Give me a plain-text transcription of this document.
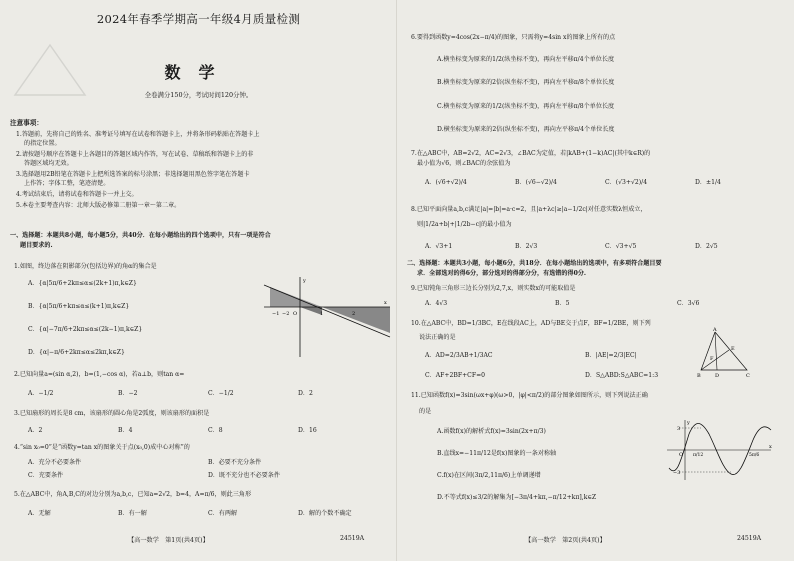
2024年春季学期高一年级4月质量检测
数学
全卷满分150分，考试时间120分钟。
注意事项：
1.答题前，先将自己的姓名、准考证号填写在试卷和答题卡上，并将条形码粘贴在答题卡上
的指定位置。
2.请按题号顺序在答题卡上各题目的答题区域内作答，写在试卷、草稿纸和答题卡上的非
答题区域均无效。
3.选择题用2B铅笔在答题卡上把所选答案的标号涂黑；非选择题用黑色签字笔在答题卡
上作答；字体工整，笔迹清楚。
4.考试结束后，请将试卷和答题卡一并上交。
5.本卷主要考查内容：北师大版必修第二册第一章～第二章。
一、选择题：本题共8小题，每小题5分，共40分．在每小题给出的四个选项中，只有一项是符合
题目要求的.
1.如图，终边落在阴影部分(包括边界)的角α的集合是
A．{α|5π/6+2kπ≤α≤(2k+1)π,k∈Z}
B．{α|5π/6+kπ≤α≤(k+1)π,k∈Z}
C．{α|−7π/6+2kπ≤α≤(2k−1)π,k∈Z}
D．{α|−π/6+2kπ≤α≤2kπ,k∈Z}
−1 −2 O	1	2
x
y
2.已知向量a=(sin α,2)，b=(1,−cos α)，若a⊥b，则tan α=
A．−1/2	B．−2	C．−1/2	D．2
3.已知扇形的周长是8 cm，该扇形的圆心角是2弧度，则该扇形的面积是
A．2	B．4	C．8	D．16
4.“sin x₀=0”是“函数y=tan x的图象关于点(x₀,0)成中心对称”的
A．充分不必要条件	B．必要不充分条件
C．充要条件	D．既不充分也不必要条件
5.在△ABC中，角A,B,C的对边分别为a,b,c，已知a=2√2，b=4，A=π/6，则此三角形
A．无解	B．有一解	C．有两解	D．解的个数不确定
【高一数学　第1页(共4页)】	24519A
6.要得到函数y=4cos(2x−π/4)的图象，只需将y=4sin x的图象上所有的点
A.横坐标变为原来的1/2(纵坐标不变)，再向左平移π/4个单位长度
B.横坐标变为原来的2倍(纵坐标不变)，再向左平移π/8个单位长度
C.横坐标变为原来的1/2(纵坐标不变)，再向左平移π/8个单位长度
D.横坐标变为原来的2倍(纵坐标不变)，再向左平移π/4个单位长度
7.在△ABC中，AB=2√2，AC=2√3，∠BAC为定值，若|kAB+(1−k)AC|(其中k∈R)的
最小值为√6，则∠BAC的余弦值为
A．(√6+√2)/4	B．(√6−√2)/4	C．(√3+√2)/4	D．±1/4
8.已知平面向量a,b,c满足|a|=|b|=a·c=2，且|a+λc|≥|a−1/2c|对任意实数λ恒成立，
则|1/2a+b|+|1/2b−c|的最小值为
A．√3+1	B．2√3	C．√3+√5	D．2√5
二、选择题：本题共3小题，每小题6分，共18分．在每小题给出的选项中，有多项符合题目要
求．全部选对的得6分，部分选对的得部分分，有选错的得0分.
9.已知钝角三角形三边长分别为2,7,x，则实数x的可能取值是
A．4√3	B．5	C．3√6
10.在△ABC中，BD=1/3BC，E在线段AC上，AD与BE交于点F，BF=1/2BE，则下列
说法正确的是
A．AD=2/3AB+1/3AC	B．|AE|=2/3|EC|
C．AF+2BF+CF=0	D．S△ABD:S△ABC=1:3
A
E
F
B	D	C
11.已知函数f(x)=3sin(ωx+φ)(ω>0，|φ|<π/2)的部分图象如图所示，则下列说法正确
的是
A.函数f(x)的解析式f(x)=3sin(2x+π/3)
B.直线x=−11π/12是f(x)图象的一条对称轴
C.f(x)在区间(3π/2,11π/6)上单调递增
D.不等式f(x)≤3/2的解集为[−3π/4+kπ,−π/12+kπ],k∈Z
3
−3
O π/12	5π/6
x
y
【高一数学　第2页(共4页)】	24519A
